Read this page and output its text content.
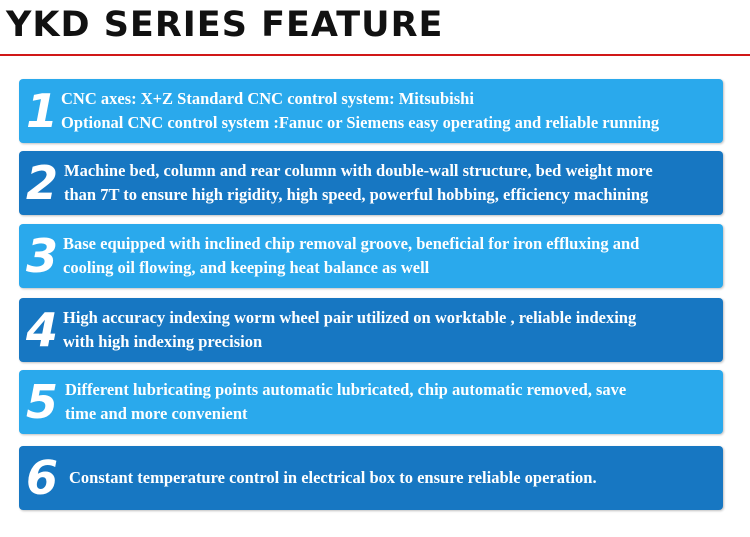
YKD SERIES FEATURE
1 CNC axes: X+Z Standard CNC control system: Mitsubishi
Optional CNC control system :Fanuc or Siemens easy operating and reliable running
2 Machine bed, column and rear column with double-wall structure, bed weight more
than 7T to ensure high rigidity, high speed, powerful hobbing, efficiency machining
3 Base equipped with inclined chip removal groove, beneficial for iron effluxing and
cooling oil flowing, and keeping heat balance as well
4 High accuracy indexing worm wheel pair utilized on worktable , reliable indexing
with high indexing precision
5 Different lubricating points automatic lubricated, chip automatic removed, save
time and more convenient
6 Constant temperature control in electrical box to ensure reliable operation.
